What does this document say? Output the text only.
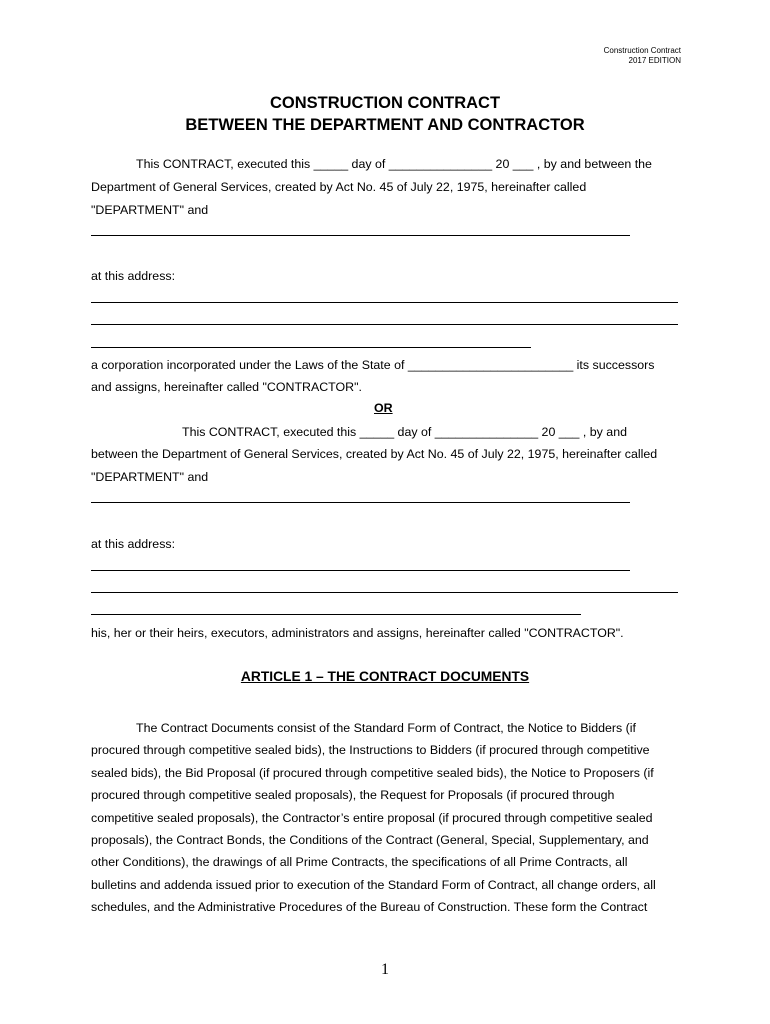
Construction Contract
2017 EDITION
CONSTRUCTION CONTRACT
BETWEEN THE DEPARTMENT AND CONTRACTOR
This CONTRACT, executed this _____ day of _______________ 20 ___ , by and between the
Department of General Services, created by Act No. 45 of July 22, 1975, hereinafter called
"DEPARTMENT" and
at this address:
a corporation incorporated under the Laws of the State of ________________________ its successors
and assigns, hereinafter called "CONTRACTOR".
OR
This CONTRACT, executed this _____ day of _______________ 20 ___ , by and
between the Department of General Services, created by Act No. 45 of July 22, 1975, hereinafter called
"DEPARTMENT" and
at this address:
his, her or their heirs, executors, administrators and assigns, hereinafter called "CONTRACTOR".
ARTICLE 1 – THE CONTRACT DOCUMENTS
The Contract Documents consist of the Standard Form of Contract, the Notice to Bidders (if
procured through competitive sealed bids), the Instructions to Bidders (if procured through competitive
sealed bids), the Bid Proposal (if procured through competitive sealed bids), the Notice to Proposers (if
procured through competitive sealed proposals), the Request for Proposals (if procured through
competitive sealed proposals), the Contractor’s entire proposal (if procured through competitive sealed
proposals), the Contract Bonds, the Conditions of the Contract (General, Special, Supplementary, and
other Conditions), the drawings of all Prime Contracts, the specifications of all Prime Contracts, all
bulletins and addenda issued prior to execution of the Standard Form of Contract, all change orders, all
schedules, and the Administrative Procedures of the Bureau of Construction. These form the Contract
1
